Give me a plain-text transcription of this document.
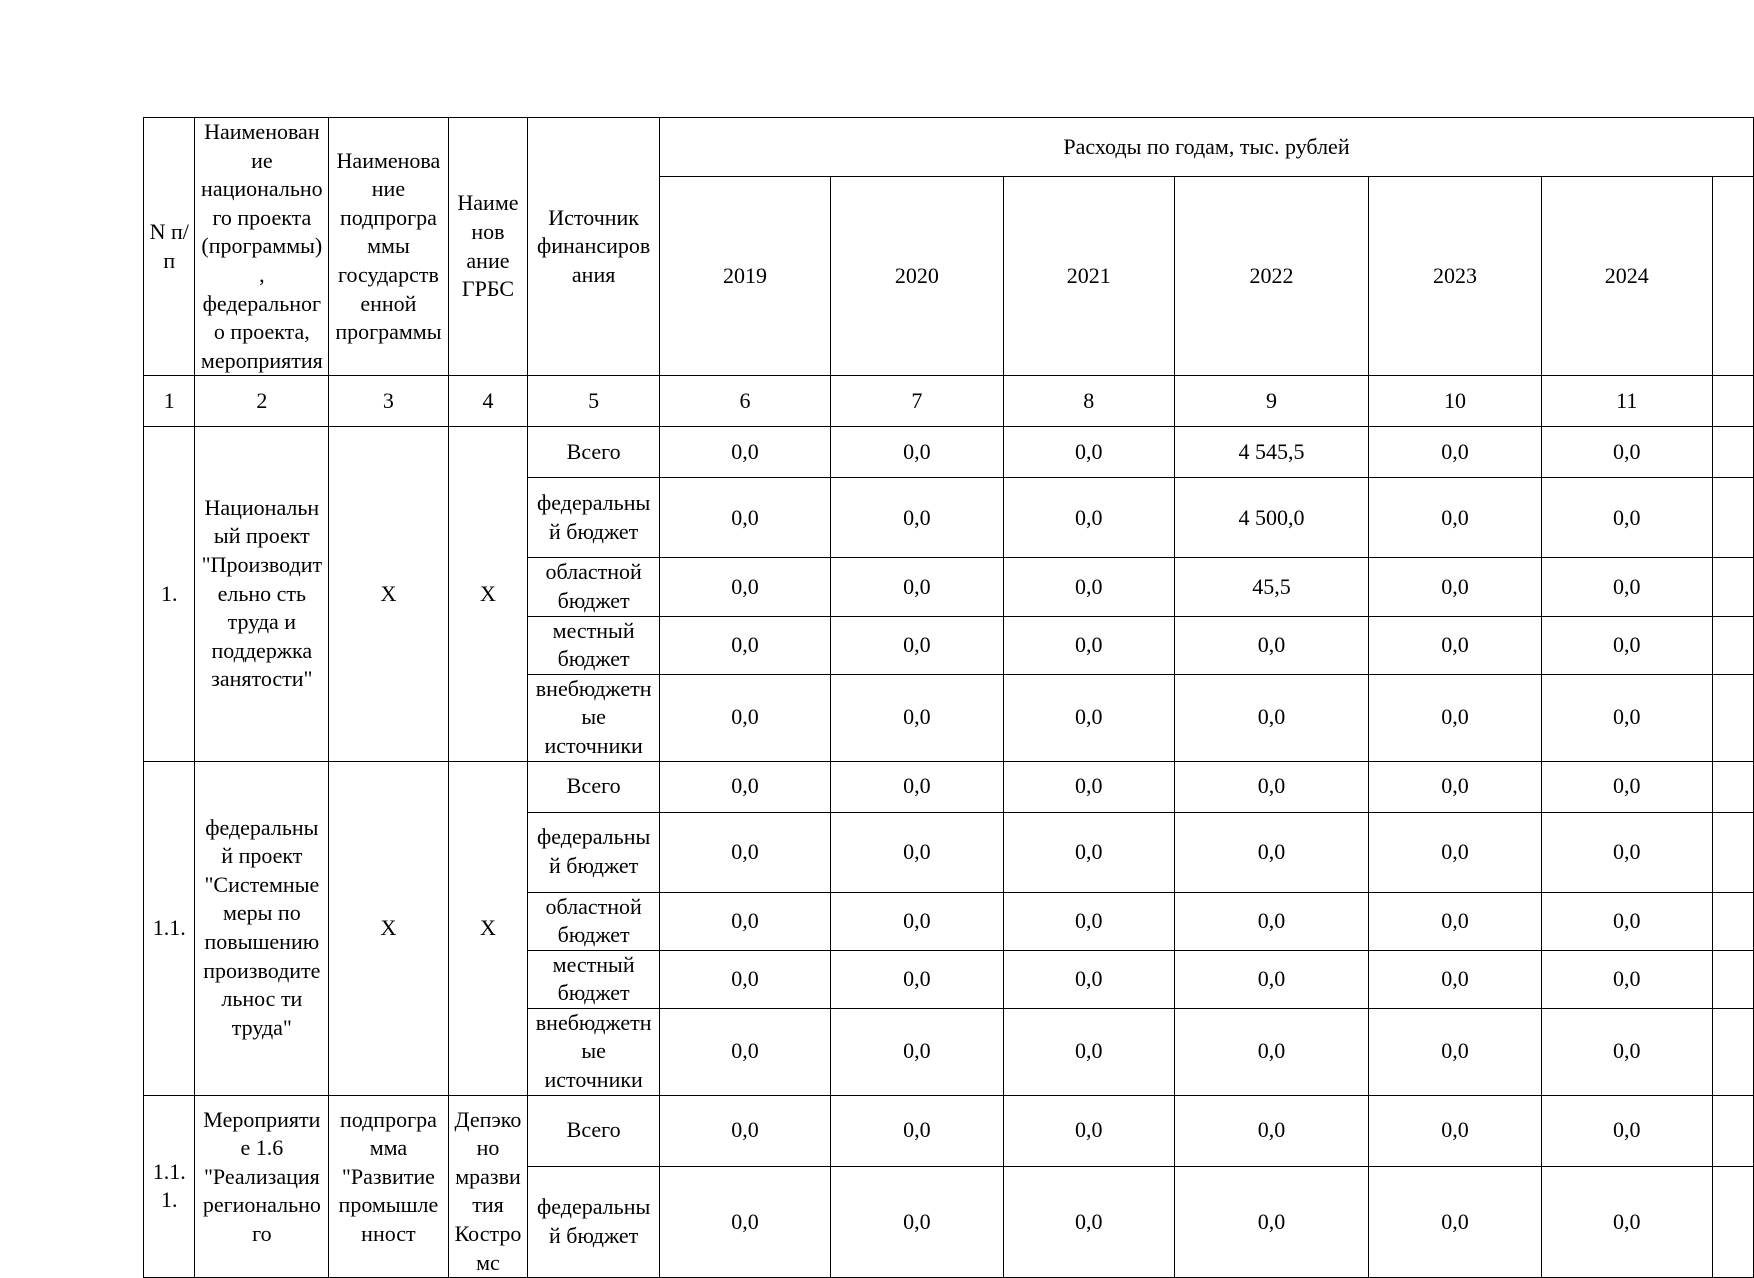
N п/п	Наименование национального проекта (программы), федерального проекта, мероприятия	Наименование подпрограммы государственной программы	Наименов ание ГРБС	Источник финансирования	Расходы по годам, тыс. рублей						
					2019	2020	2021	2022	2023	2024	
1	2	3	4	5	6	7	8	9	10	11	
1.	Национальный проект "Производительно сть труда и поддержка занятости"	X	X	Всего	0,0	0,0	0,0	4 545,5	0,0	0,0	
				федеральный бюджет	0,0	0,0	0,0	4 500,0	0,0	0,0	
				областной бюджет	0,0	0,0	0,0	45,5	0,0	0,0	
				местный бюджет	0,0	0,0	0,0	0,0	0,0	0,0	
				внебюджетные источники	0,0	0,0	0,0	0,0	0,0	0,0	
1.1.	федеральный проект "Системные меры по повышению производительнос ти труда"	X	X	Всего	0,0	0,0	0,0	0,0	0,0	0,0	
				федеральный бюджет	0,0	0,0	0,0	0,0	0,0	0,0	
				областной бюджет	0,0	0,0	0,0	0,0	0,0	0,0	
				местный бюджет	0,0	0,0	0,0	0,0	0,0	0,0	
				внебюджетные источники	0,0	0,0	0,0	0,0	0,0	0,0	
1.1.1.	Мероприятие 1.6 "Реализация регионального	подпрограмма "Развитие промышленност	Депэконо мразвития Костромс	Всего	0,0	0,0	0,0	0,0	0,0	0,0	
				федеральный бюджет	0,0	0,0	0,0	0,0	0,0	0,0	
